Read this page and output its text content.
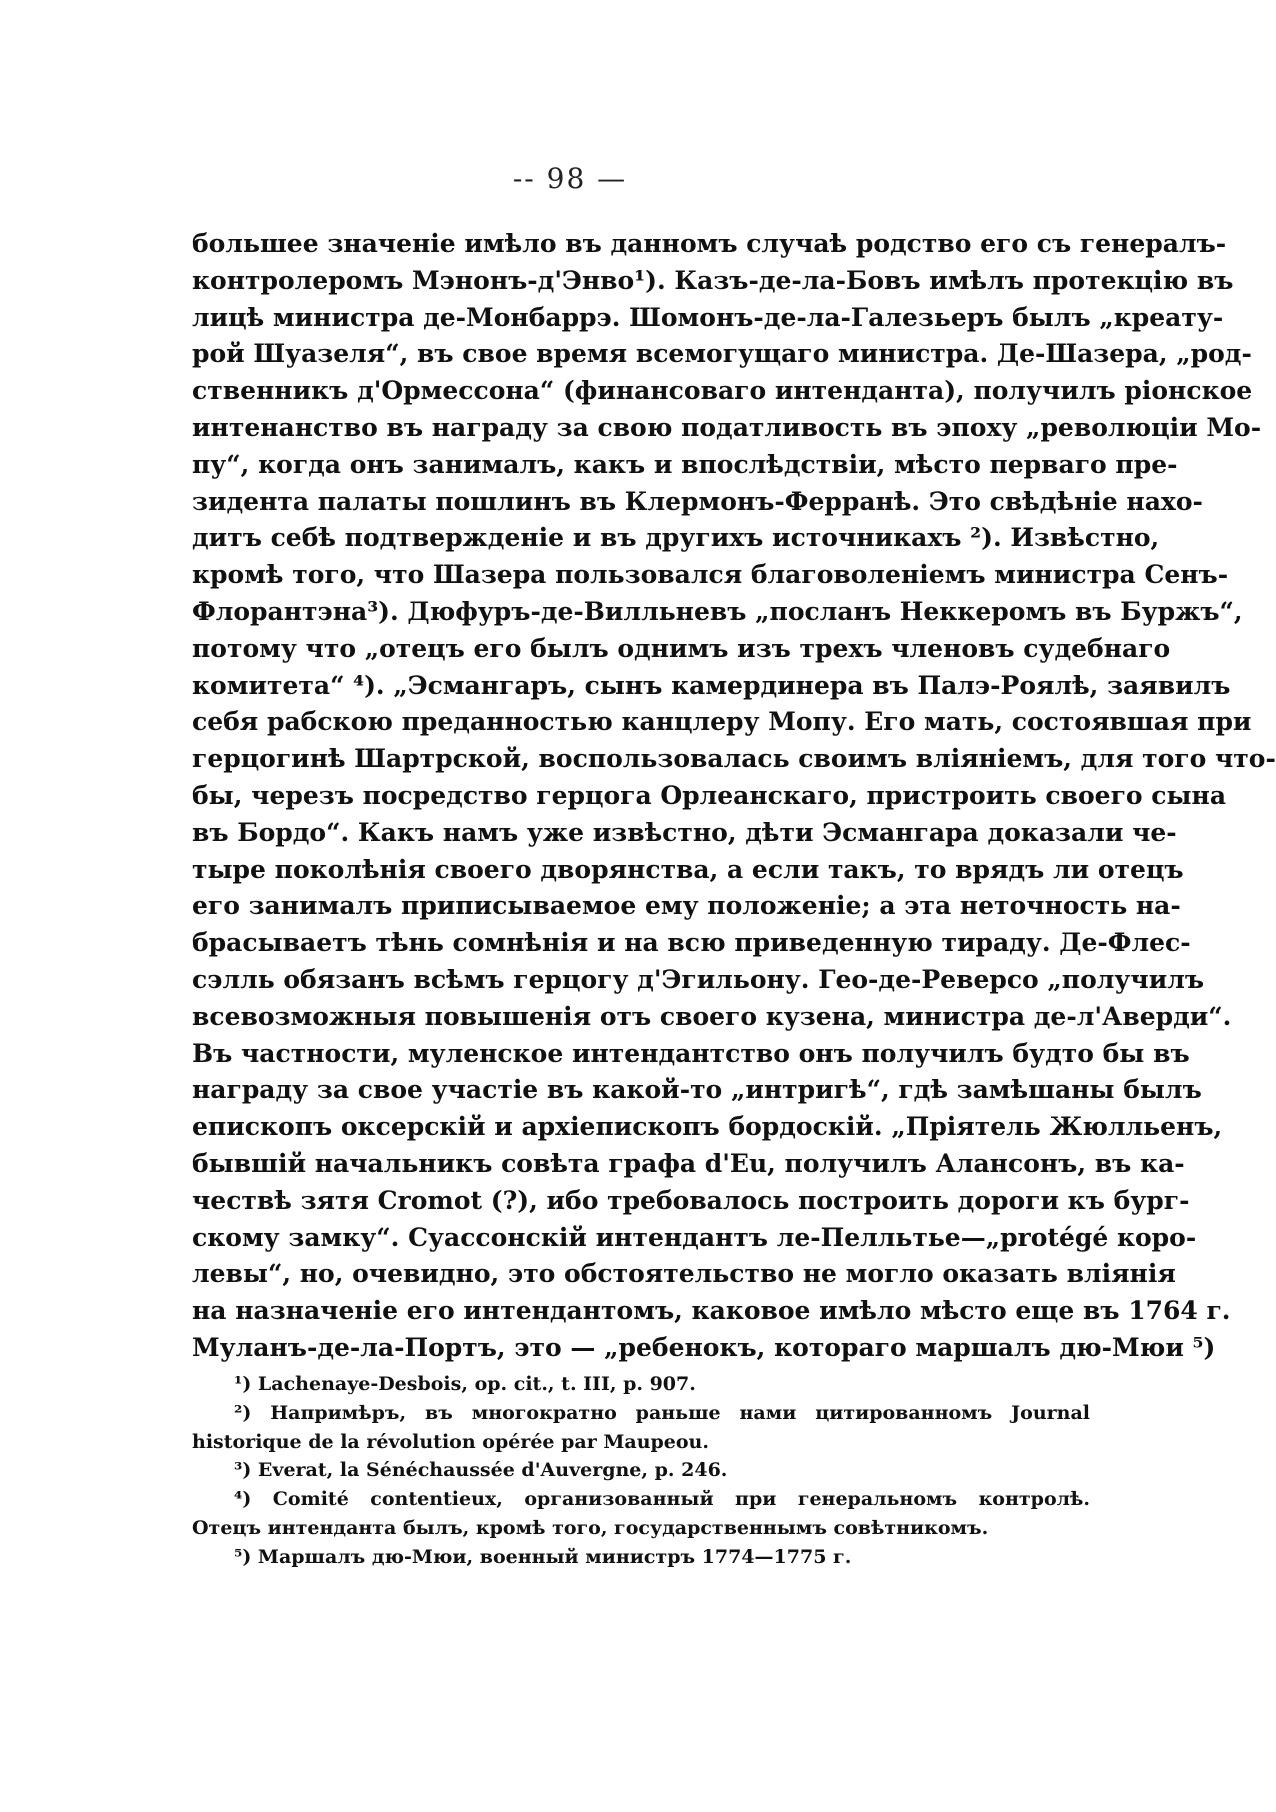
-- 98 —
большее значеніе имѣло въ данномъ случаѣ родство его съ генералъ-
контролеромъ Мэнонъ-д'Энво¹). Казъ-де-ла-Бовъ имѣлъ протекцію въ
лицѣ министра де-Монбаррэ. Шомонъ-де-ла-Галезьеръ былъ „креату-
рой Шуазеля“, въ свое время всемогущаго министра. Де-Шазера, „род-
ственникъ д'Ормессона“ (финансоваго интенданта), получилъ ріонское
интенанство въ награду за свою податливость въ эпоху „революціи Мо-
пу“, когда онъ занималъ, какъ и впослѣдствіи, мѣсто перваго пре-
зидента палаты пошлинъ въ Клермонъ-Ферранѣ. Это свѣдѣніе нахо-
дитъ себѣ подтвержденіе и въ другихъ источникахъ ²). Извѣстно,
кромѣ того, что Шазера пользовался благоволеніемъ министра Сенъ-
Флорантэна³). Дюфуръ-де-Вилльневъ „посланъ Неккеромъ въ Буржъ“,
потому что „отецъ его былъ однимъ изъ трехъ членовъ судебнаго
комитета“ ⁴). „Эсмангаръ, сынъ камердинера въ Палэ-Роялѣ, заявилъ
себя рабскою преданностью канцлеру Мопу. Его мать, состоявшая при
герцогинѣ Шартрской, воспользовалась своимъ вліяніемъ, для того что-
бы, черезъ посредство герцога Орлеанскаго, пристроить своего сына
въ Бордо“. Какъ намъ уже извѣстно, дѣти Эсмангара доказали че-
тыре поколѣнія своего дворянства, а если такъ, то врядъ ли отецъ
его занималъ приписываемое ему положеніе; а эта неточность на-
брасываетъ тѣнь сомнѣнія и на всю приведенную тираду. Де-Флес-
сэлль обязанъ всѣмъ герцогу д'Эгильону. Гео-де-Реверсо „получилъ
всевозможныя повышенія отъ своего кузена, министра де-л'Аверди“.
Въ частности, муленское интендантство онъ получилъ будто бы въ
награду за свое участіе въ какой-то „интригѣ“, гдѣ замѣшаны былъ
епископъ оксерскій и архіепископъ бордоскій. „Пріятель Жюлльенъ,
бывшій начальникъ совѣта графа d'Eu, получилъ Алансонъ, въ ка-
чествѣ зятя Cromot (?), ибо требовалось построить дороги къ бург-
скому замку“. Суассонскій интендантъ ле-Пелльтье—„protégé коро-
левы“, но, очевидно, это обстоятельство не могло оказать вліянія
на назначеніе его интендантомъ, каковое имѣло мѣсто еще въ 1764 г.
Муланъ-де-ла-Портъ, это — „ребенокъ, котораго маршалъ дю-Мюи ⁵)
¹) Lachenaye-Desbois, op. cit., t. III, p. 907.
²) Напримѣръ, въ многократно раньше нами цитированномъ Journal
historique de la révolution opérée par Maupeou.
³) Everat, la Sénéchaussée d'Auvergne, p. 246.
⁴) Comité contentieux, организованный при генеральномъ контролѣ.
Отецъ интенданта былъ, кромѣ того, государственнымъ совѣтникомъ.
⁵) Маршалъ дю-Мюи, военный министръ 1774—1775 г.
